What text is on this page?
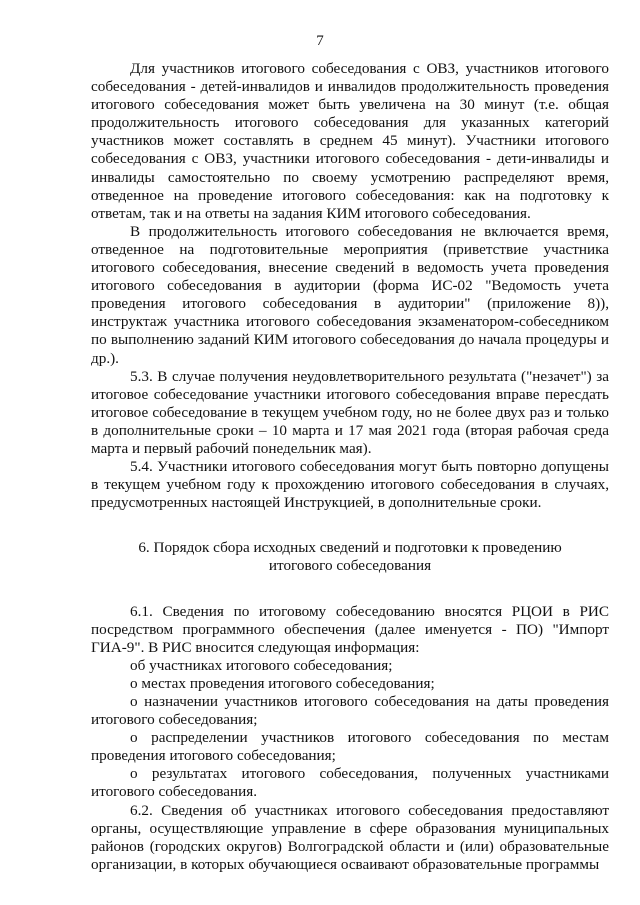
7

Для участников итогового собеседования с ОВЗ, участников итогового собеседования - детей-инвалидов и инвалидов продолжительность проведения итогового собеседования может быть увеличена на 30 минут (т.е. общая продолжительность итогового собеседования для указанных категорий участников может составлять в среднем 45 минут). Участники итогового собеседования с ОВЗ, участники итогового собеседования - дети-инвалиды и инвалиды самостоятельно по своему усмотрению распределяют время, отведенное на проведение итогового собеседования: как на подготовку к ответам, так и на ответы на задания КИМ итогового собеседования.

В продолжительность итогового собеседования не включается время, отведенное на подготовительные мероприятия (приветствие участника итогового собеседования, внесение сведений в ведомость учета проведения итогового собеседования в аудитории (форма ИС-02 "Ведомость учета проведения итогового собеседования в аудитории" (приложение 8)), инструктаж участника итогового собеседования экзаменатором-собеседником по выполнению заданий КИМ итогового собеседования до начала процедуры и др.).

5.3. В случае получения неудовлетворительного результата ("незачет") за итоговое собеседование участники итогового собеседования вправе пересдать итоговое собеседование в текущем учебном году, но не более двух раз и только в дополнительные сроки – 10 марта и 17 мая 2021 года (вторая рабочая среда марта и первый рабочий понедельник мая).

5.4. Участники итогового собеседования могут быть повторно допущены в текущем учебном году к прохождению итогового собеседования в случаях, предусмотренных настоящей Инструкцией, в дополнительные сроки.

6. Порядок сбора исходных сведений и подготовки к проведению
итогового собеседования

6.1. Сведения по итоговому собеседованию вносятся РЦОИ в РИС посредством программного обеспечения (далее именуется - ПО) "Импорт ГИА-9". В РИС вносится следующая информация:

об участниках итогового собеседования;

о местах проведения итогового собеседования;

о назначении участников итогового собеседования на даты проведения итогового собеседования;

о распределении участников итогового собеседования по местам проведения итогового собеседования;

о результатах итогового собеседования, полученных участниками итогового собеседования.

6.2. Сведения об участниках итогового собеседования предоставляют органы, осуществляющие управление в сфере образования муниципальных районов (городских округов) Волгоградской области и (или) образовательные организации, в которых обучающиеся осваивают образовательные программы
